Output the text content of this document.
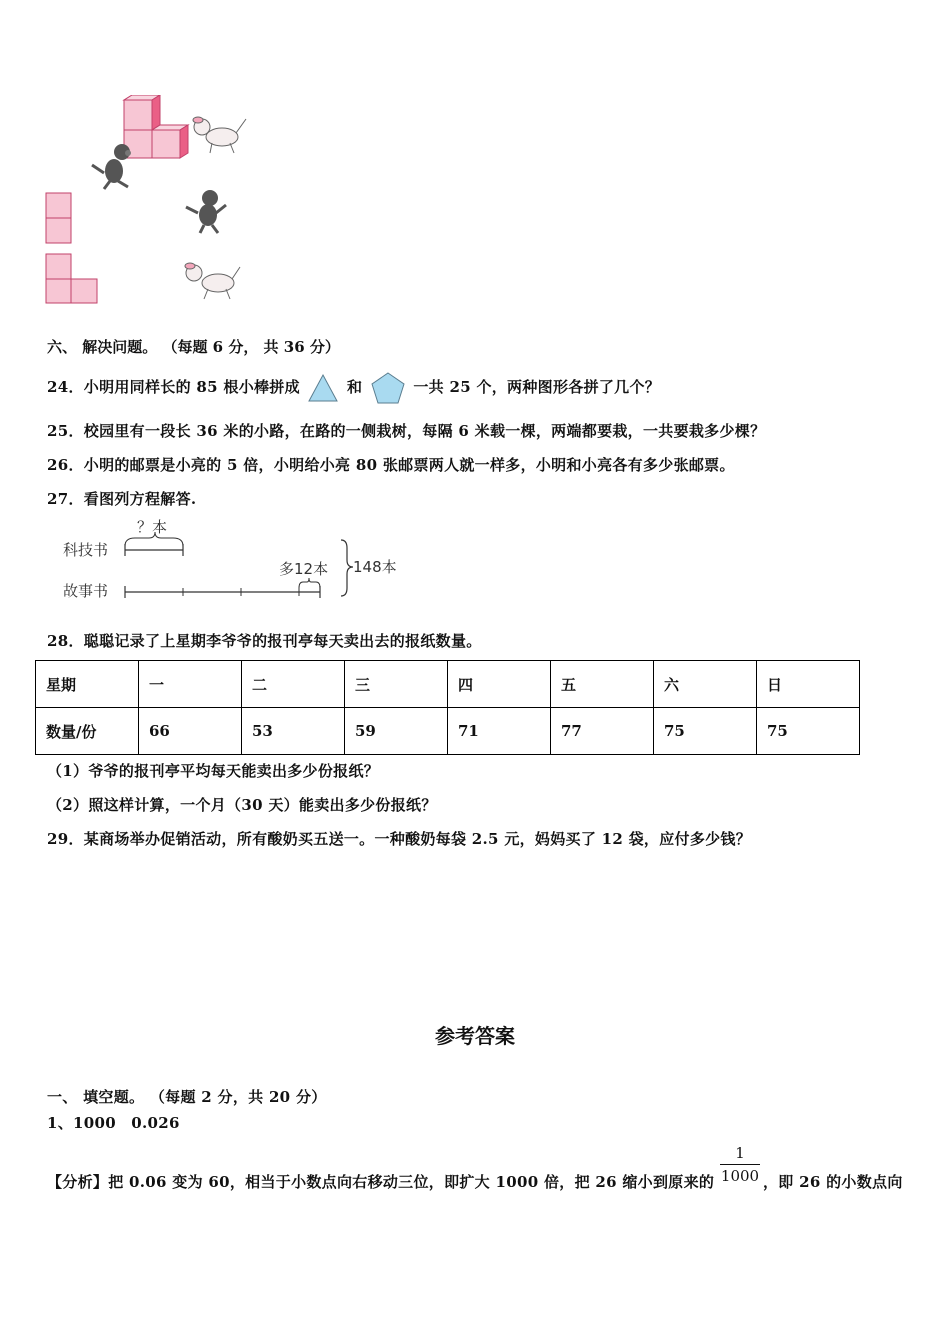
六、 解决问题。 （每题 6 分， 共 36 分）
24．小明用同样长的 85 根小棒拼成	和	一共 25 个，两种图形各拼了几个？
25．校园里有一段长 36 米的小路，在路的一侧栽树，每隔 6 米载一棵，两端都要栽，一共要栽多少棵？
26．小明的邮票是小亮的 5 倍，小明给小亮 80 张邮票两人就一样多，小明和小亮各有多少张邮票。
27．看图列方程解答.
科技书
故事书
？本
多12本 148本
28．聪聪记录了上星期李爷爷的报刊亭每天卖出去的报纸数量。
星期	一	二	三	四	五	六	日
数量/份	66	53	59	71	77	75	75
（1）爷爷的报刊亭平均每天能卖出多少份报纸？
（2）照这样计算，一个月（30 天）能卖出多少份报纸？
29．某商场举办促销活动，所有酸奶买五送一。一种酸奶每袋 2.5 元，妈妈买了 12 袋，应付多少钱？
参考答案
一、 填空题。 （每题 2 分，共 20 分）
1、1000　0.026
【分析】把 0.06 变为 60，相当于小数点向右移动三位，即扩大 1000 倍，把 26 缩小到原来的 $\frac{1}{1000}$ ，即 26 的小数点向
